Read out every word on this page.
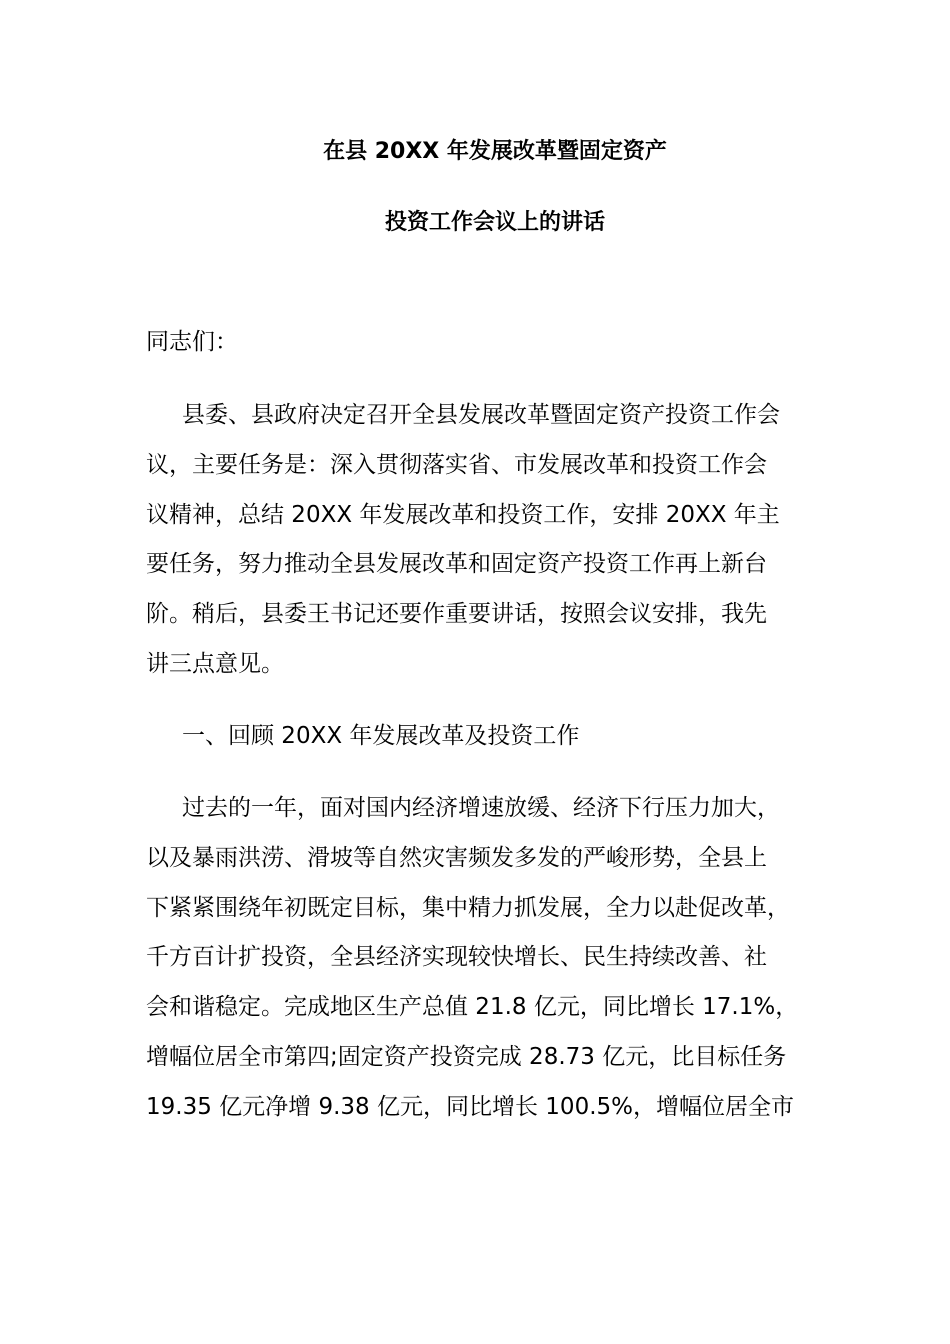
在县 20XX 年发展改革暨固定资产
投资工作会议上的讲话
同志们：
县委、县政府决定召开全县发展改革暨固定资产投资工作会
议，主要任务是：深入贯彻落实省、市发展改革和投资工作会
议精神，总结 20XX 年发展改革和投资工作，安排 20XX 年主
要任务，努力推动全县发展改革和固定资产投资工作再上新台
阶。稍后，县委王书记还要作重要讲话，按照会议安排，我先
讲三点意见。
一、回顾 20XX 年发展改革及投资工作
过去的一年，面对国内经济增速放缓、经济下行压力加大，
以及暴雨洪涝、滑坡等自然灾害频发多发的严峻形势，全县上
下紧紧围绕年初既定目标，集中精力抓发展，全力以赴促改革，
千方百计扩投资，全县经济实现较快增长、民生持续改善、社
会和谐稳定。完成地区生产总值 21.8 亿元，同比增长 17.1%，
增幅位居全市第四;固定资产投资完成 28.73 亿元，比目标任务
19.35 亿元净增 9.38 亿元，同比增长 100.5%，增幅位居全市
